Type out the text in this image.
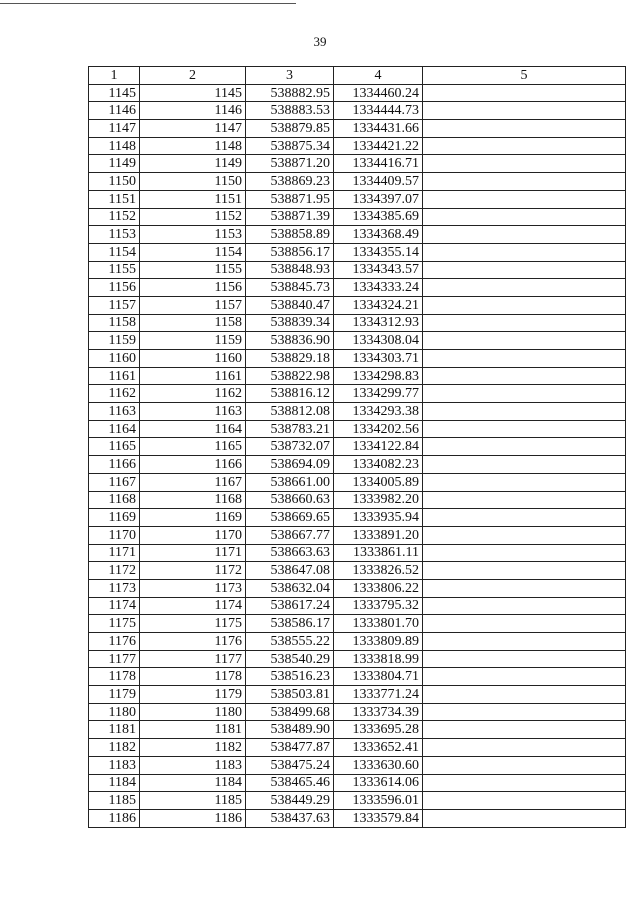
39
1	2	3	4	5
1145	1145	538882.95	1334460.24	
1146	1146	538883.53	1334444.73	
1147	1147	538879.85	1334431.66	
1148	1148	538875.34	1334421.22	
1149	1149	538871.20	1334416.71	
1150	1150	538869.23	1334409.57	
1151	1151	538871.95	1334397.07	
1152	1152	538871.39	1334385.69	
1153	1153	538858.89	1334368.49	
1154	1154	538856.17	1334355.14	
1155	1155	538848.93	1334343.57	
1156	1156	538845.73	1334333.24	
1157	1157	538840.47	1334324.21	
1158	1158	538839.34	1334312.93	
1159	1159	538836.90	1334308.04	
1160	1160	538829.18	1334303.71	
1161	1161	538822.98	1334298.83	
1162	1162	538816.12	1334299.77	
1163	1163	538812.08	1334293.38	
1164	1164	538783.21	1334202.56	
1165	1165	538732.07	1334122.84	
1166	1166	538694.09	1334082.23	
1167	1167	538661.00	1334005.89	
1168	1168	538660.63	1333982.20	
1169	1169	538669.65	1333935.94	
1170	1170	538667.77	1333891.20	
1171	1171	538663.63	1333861.11	
1172	1172	538647.08	1333826.52	
1173	1173	538632.04	1333806.22	
1174	1174	538617.24	1333795.32	
1175	1175	538586.17	1333801.70	
1176	1176	538555.22	1333809.89	
1177	1177	538540.29	1333818.99	
1178	1178	538516.23	1333804.71	
1179	1179	538503.81	1333771.24	
1180	1180	538499.68	1333734.39	
1181	1181	538489.90	1333695.28	
1182	1182	538477.87	1333652.41	
1183	1183	538475.24	1333630.60	
1184	1184	538465.46	1333614.06	
1185	1185	538449.29	1333596.01	
1186	1186	538437.63	1333579.84	
